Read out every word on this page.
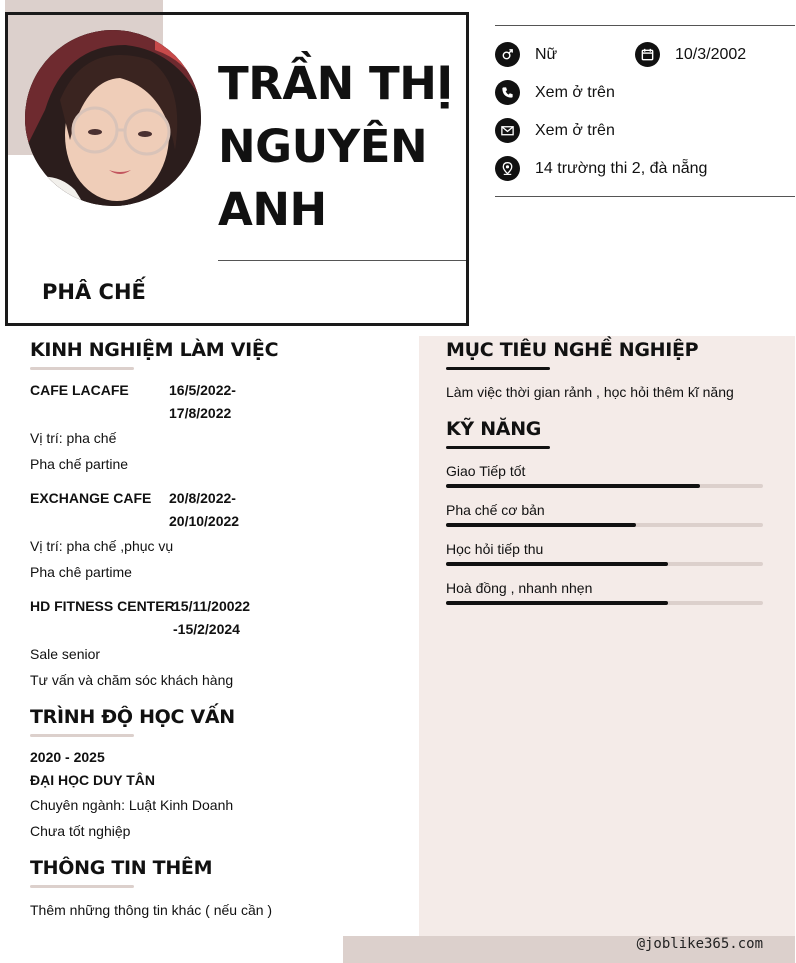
TRẦN THỊ
NGUYÊN
ANH
PHÂ CHẾ
Nữ	10/3/2002
Xem ở trên
Xem ở trên
14 trường thi 2, đà nẵng
@joblike365.com
KINH NGHIỆM LÀM VIỆC
CAFE LACAFE	16/5/2022-
17/8/2022
Vị trí: pha chế
Pha chế partine
EXCHANGE CAFE 20/8/2022-
20/10/2022
Vị trí: pha chế ,phục vụ
Pha chê partime
HD FITNESS CENTER
15/11/20022
-15/2/2024
Sale senior
Tư vấn và chăm sóc khách hàng
TRÌNH ĐỘ HỌC VẤN
2020 - 2025
ĐẠI HỌC DUY TÂN
Chuyên ngành: Luật Kinh Doanh
Chưa tốt nghiệp
THÔNG TIN THÊM
Thêm những thông tin khác ( nếu cần )
MỤC TIÊU NGHỀ NGHIỆP
Làm việc thời gian rảnh , học hỏi thêm kĩ năng
KỸ NĂNG
Giao Tiếp tốt
Pha chế cơ bản
Học hỏi tiếp thu
Hoà đồng , nhanh nhẹn
